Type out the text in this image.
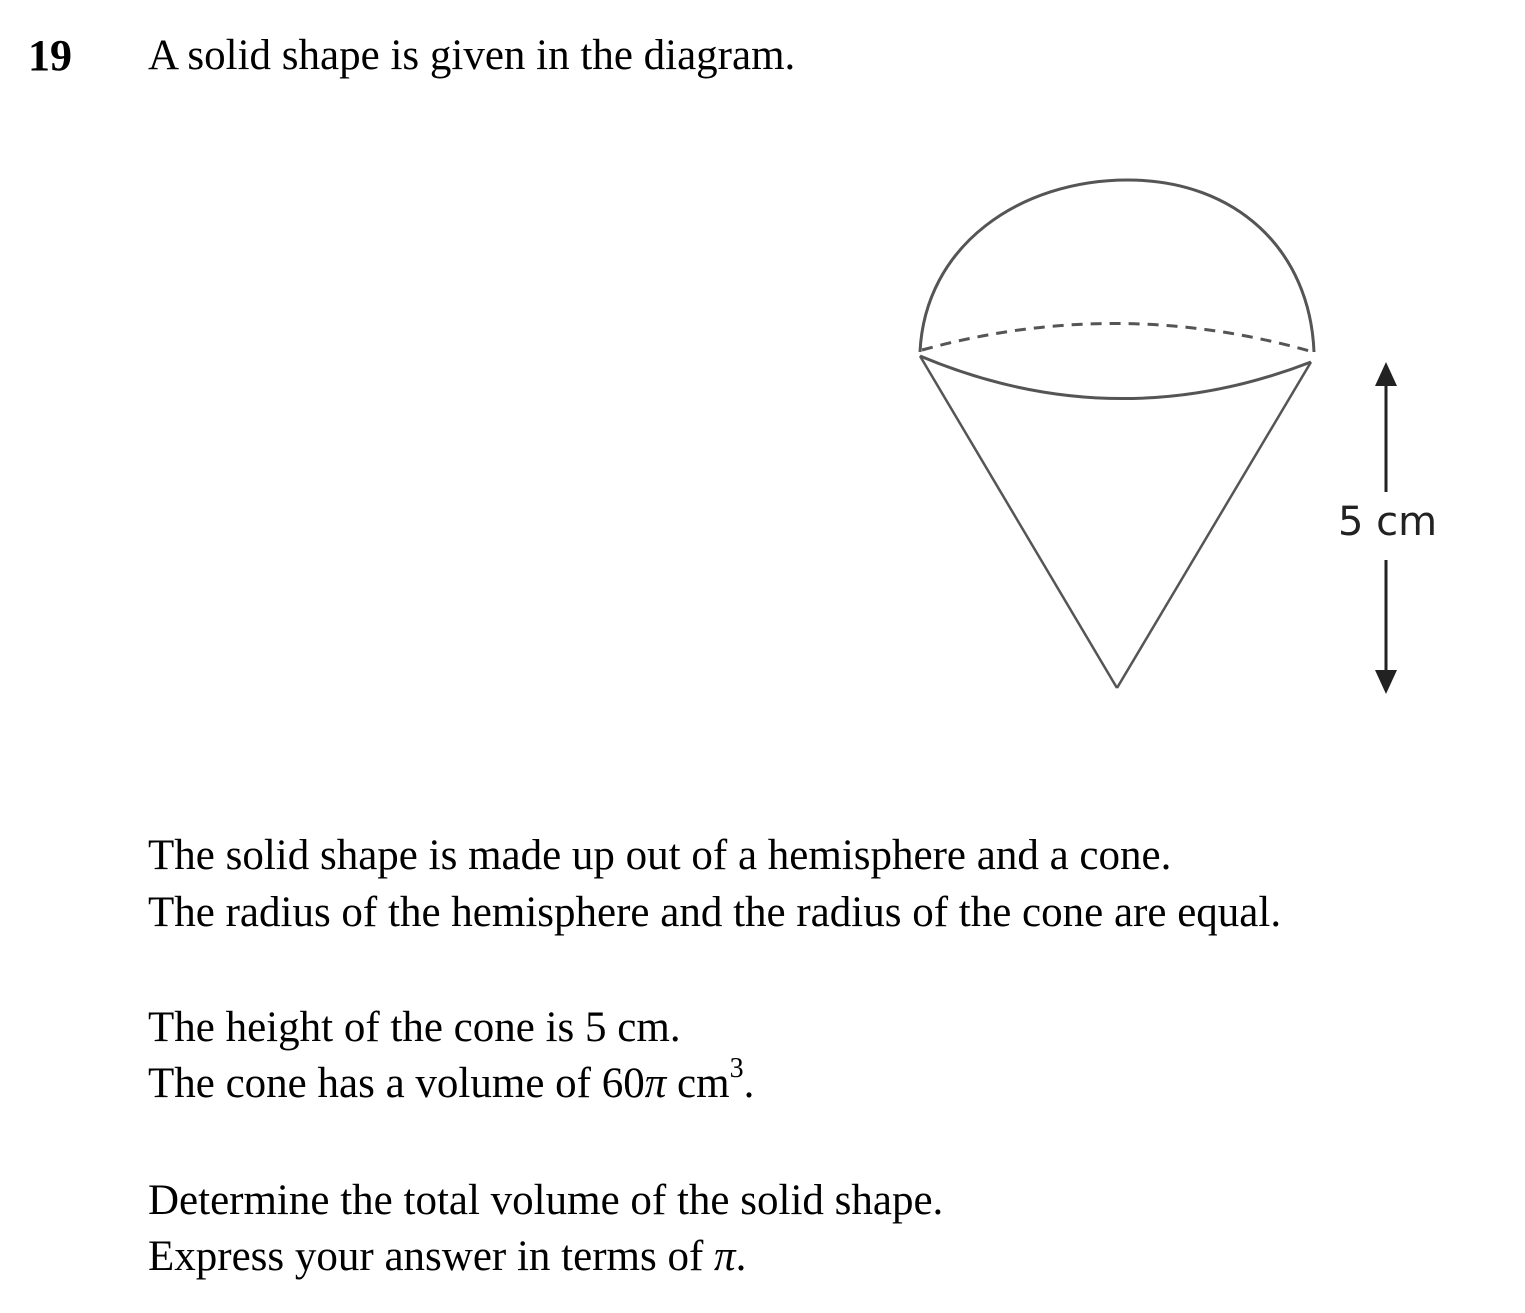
19 A solid shape is given in the diagram.
5 cm
The solid shape is made up out of a hemisphere and a cone.
The radius of the hemisphere and the radius of the cone are equal.
The height of the cone is 5 cm.
The cone has a volume of 60π $cm^3$.
Determine the total volume of the solid shape.
Express your answer in terms of π.
